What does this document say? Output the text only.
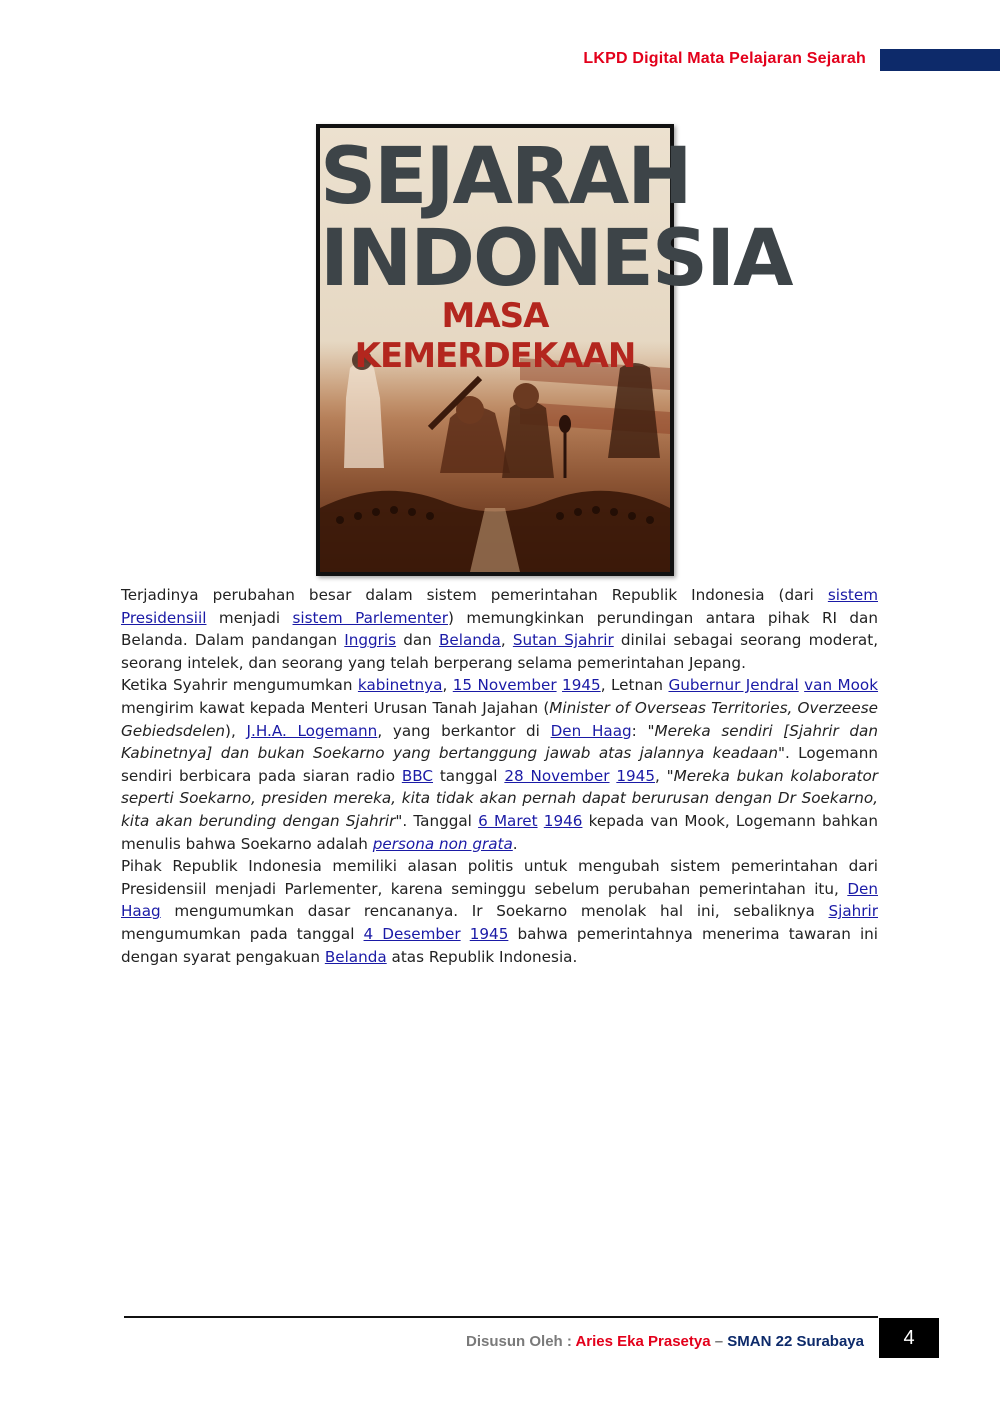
LKPD Digital Mata Pelajaran Sejarah
SEJARAH
INDONESIA
MASA KEMERDEKAAN

Terjadinya perubahan besar dalam sistem pemerintahan Republik Indonesia (dari sistem Presidensiil menjadi sistem Parlementer) memungkinkan perundingan antara pihak RI dan Belanda. Dalam pandangan Inggris dan Belanda, Sutan Sjahrir dinilai sebagai seorang moderat, seorang intelek, dan seorang yang telah berperang selama pemerintahan Jepang.

Ketika Syahrir mengumumkan kabinetnya, 15 November 1945, Letnan Gubernur Jendral van Mook mengirim kawat kepada Menteri Urusan Tanah Jajahan (Minister of Overseas Territories, Overzeese Gebiedsdelen), J.H.A. Logemann, yang berkantor di Den Haag: "Mereka sendiri [Sjahrir dan Kabinetnya] dan bukan Soekarno yang bertanggung jawab atas jalannya keadaan". Logemann sendiri berbicara pada siaran radio BBC tanggal 28 November 1945, "Mereka bukan kolaborator seperti Soekarno, presiden mereka, kita tidak akan pernah dapat berurusan dengan Dr Soekarno, kita akan berunding dengan Sjahrir". Tanggal 6 Maret 1946 kepada van Mook, Logemann bahkan menulis bahwa Soekarno adalah persona non grata.

Pihak Republik Indonesia memiliki alasan politis untuk mengubah sistem pemerintahan dari Presidensiil menjadi Parlementer, karena seminggu sebelum perubahan pemerintahan itu, Den Haag mengumumkan dasar rencananya. Ir Soekarno menolak hal ini, sebaliknya Sjahrir mengumumkan pada tanggal 4 Desember 1945 bahwa pemerintahnya menerima tawaran ini dengan syarat pengakuan Belanda atas Republik Indonesia.

Disusun Oleh : Aries Eka Prasetya – SMAN 22 Surabaya	4
